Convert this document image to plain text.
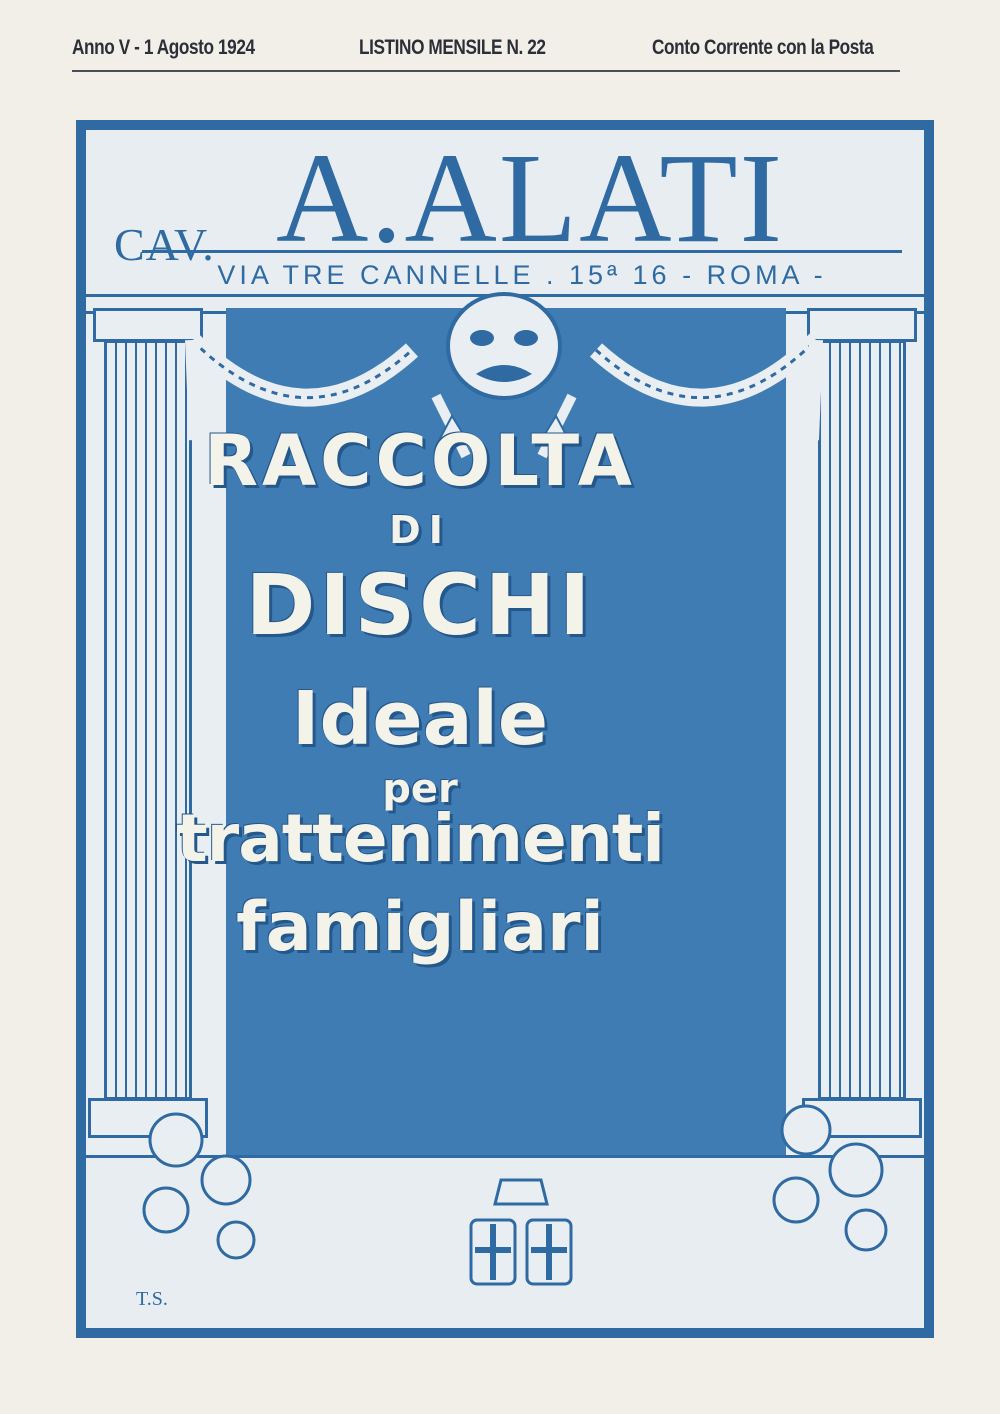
Anno V - 1 Agosto 1924	LISTINO MENSILE N. 22	Conto Corrente con la Posta
CAV. A.ALATI
VIA TRE CANNELLE . 15ª 16 - ROMA -
T.S.
RACCOLTA
DI
DISCHI
Ideale
per
trattenimenti
famigliari
